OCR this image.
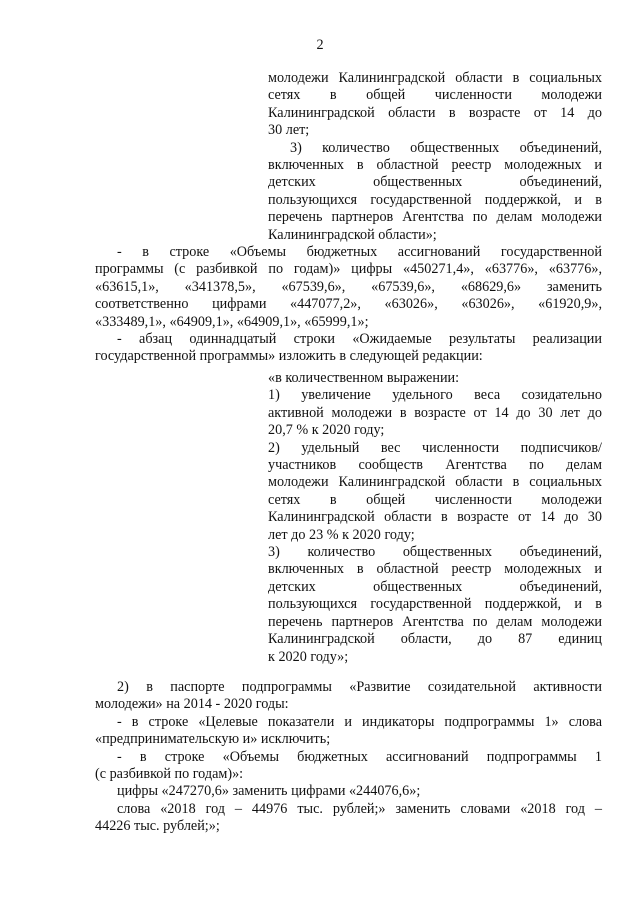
2
молодежи Калининградской области в социальных
сетях в общей численности молодежи
Калининградской области в возрасте от 14 до
30 лет;
3) количество общественных объединений,
включенных в областной реестр молодежных и
детских общественных объединений,
пользующихся государственной поддержкой, и в
перечень партнеров Агентства по делам молодежи
Калининградской области»;
- в строке «Объемы бюджетных ассигнований государственной
программы (с разбивкой по годам)» цифры «450271,4», «63776», «63776»,
«63615,1», «341378,5», «67539,6», «67539,6», «68629,6» заменить
соответственно цифрами «447077,2», «63026», «63026», «61920,9»,
«333489,1», «64909,1», «64909,1», «65999,1»;
- абзац одиннадцатый строки «Ожидаемые результаты реализации
государственной программы» изложить в следующей редакции:
«в количественном выражении:
1) увеличение удельного веса созидательно
активной молодежи в возрасте от 14 до 30 лет до
20,7 % к 2020 году;
2) удельный вес численности подписчиков/
участников сообществ Агентства по делам
молодежи Калининградской области в социальных
сетях в общей численности молодежи
Калининградской области в возрасте от 14 до 30
лет до 23 % к 2020 году;
3) количество общественных объединений,
включенных в областной реестр молодежных и
детских общественных объединений,
пользующихся государственной поддержкой, и в
перечень партнеров Агентства по делам молодежи
Калининградской области, до 87 единиц
к 2020 году»;
2) в паспорте подпрограммы «Развитие созидательной активности
молодежи» на 2014 - 2020 годы:
- в строке «Целевые показатели и индикаторы подпрограммы 1» слова
«предпринимательскую и» исключить;
- в строке «Объемы бюджетных ассигнований подпрограммы 1
(с разбивкой по годам)»:
цифры «247270,6» заменить цифрами «244076,6»;
слова «2018 год – 44976 тыс. рублей;» заменить словами «2018 год –
44226 тыс. рублей;»;
